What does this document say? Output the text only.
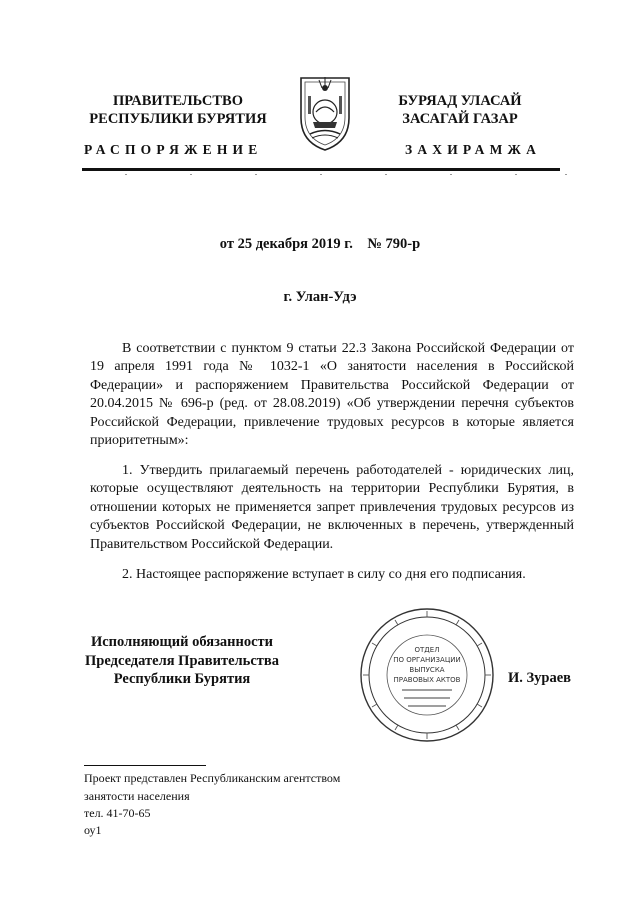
ПРАВИТЕЛЬСТВО
РЕСПУБЛИКИ БУРЯТИЯ
БУРЯАД УЛАСАЙ
ЗАСАГАЙ ГАЗАР
РАСПОРЯЖЕНИЕ	ЗАХИРАМЖА
от 25 декабря 2019 г.    № 790-р
г. Улан-Удэ
В соответствии с пунктом 9 статьи 22.3 Закона Российской Федерации от 19 апреля 1991 года № 1032-1 «О занятости населения в Российской Федерации» и распоряжением Правительства Российской Федерации от 20.04.2015 № 696-р (ред. от 28.08.2019) «Об утверждении перечня субъектов Российской Федерации, привлечение трудовых ресурсов в которые является приоритетным»:
1. Утвердить прилагаемый перечень работодателей - юридических лиц, которые осуществляют деятельность на территории Республики Бурятия, в отношении которых не применяется запрет привлечения трудовых ресурсов из субъектов Российской Федерации, не включенных в перечень, утвержденный Правительством Российской Федерации.
2. Настоящее распоряжение вступает в силу со дня его подписания.
Исполняющий обязанности
Председателя Правительства
Республики Бурятия
ОТДЕЛ
ПО ОРГАНИЗАЦИИ
ВЫПУСКА
ПРАВОВЫХ АКТОВ	И. Зураев
Проект представлен Республиканским агентством
занятости населения
тел. 41-70-65
оу1
